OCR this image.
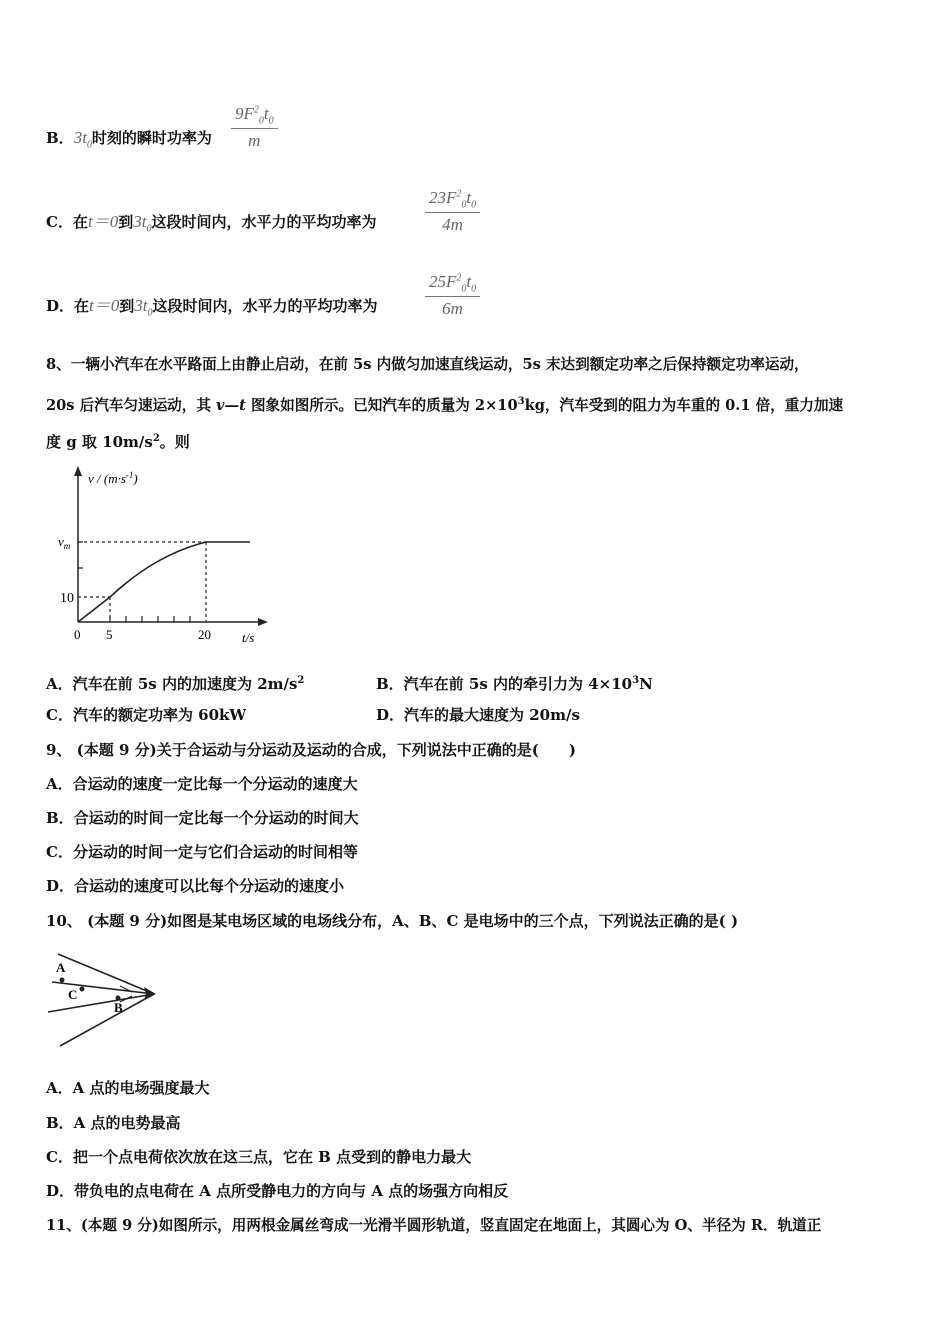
B．$3t_0$时刻的瞬时功率为
$9F^2_0t_0$
m
C．在t＝0到$3t_0$这段时间内，水平力的平均功率为
$23F^2_0t_0$
4m
D．在t＝0到$3t_0$这段时间内，水平力的平均功率为
$25F^2_0t_0$
6m
8、一辆小汽车在水平路面上由静止启动，在前 5s 内做匀加速直线运动，5s 末达到额定功率之后保持额定功率运动，
20s 后汽车匀速运动，其 v—t 图象如图所示。已知汽车的质量为 $2\times 10^3kg$，汽车受到的阻力为车重的 0.1 倍，重力加速
度 g 取 $10m/s^2$。则
$v / (m\cdot s^{-1})$
$v_m$
10
0 5	20 t/s
A．汽车在前 5s 内的加速度为 $2m/s^2$	B．汽车在前 5s 内的牵引力为 $4\times 10^3N$
C．汽车的额定功率为 60kW	D．汽车的最大速度为 20m/s
9、 (本题 9 分)关于合运动与分运动及运动的合成，下列说法中正确的是(　　)
A．合运动的速度一定比每一个分运动的速度大
B．合运动的时间一定比每一个分运动的时间大
C．分运动的时间一定与它们合运动的时间相等
D．合运动的速度可以比每个分运动的速度小
10、 (本题 9 分)如图是某电场区域的电场线分布，A、B、C 是电场中的三个点，下列说法正确的是( )
A
C
B
A．A 点的电场强度最大
B．A 点的电势最高
C．把一个点电荷依次放在这三点，它在 B 点受到的静电力最大
D．带负电的点电荷在 A 点所受静电力的方向与 A 点的场强方向相反
11、(本题 9 分)如图所示，用两根金属丝弯成一光滑半圆形轨道，竖直固定在地面上，其圆心为 O、半径为 R．轨道正
